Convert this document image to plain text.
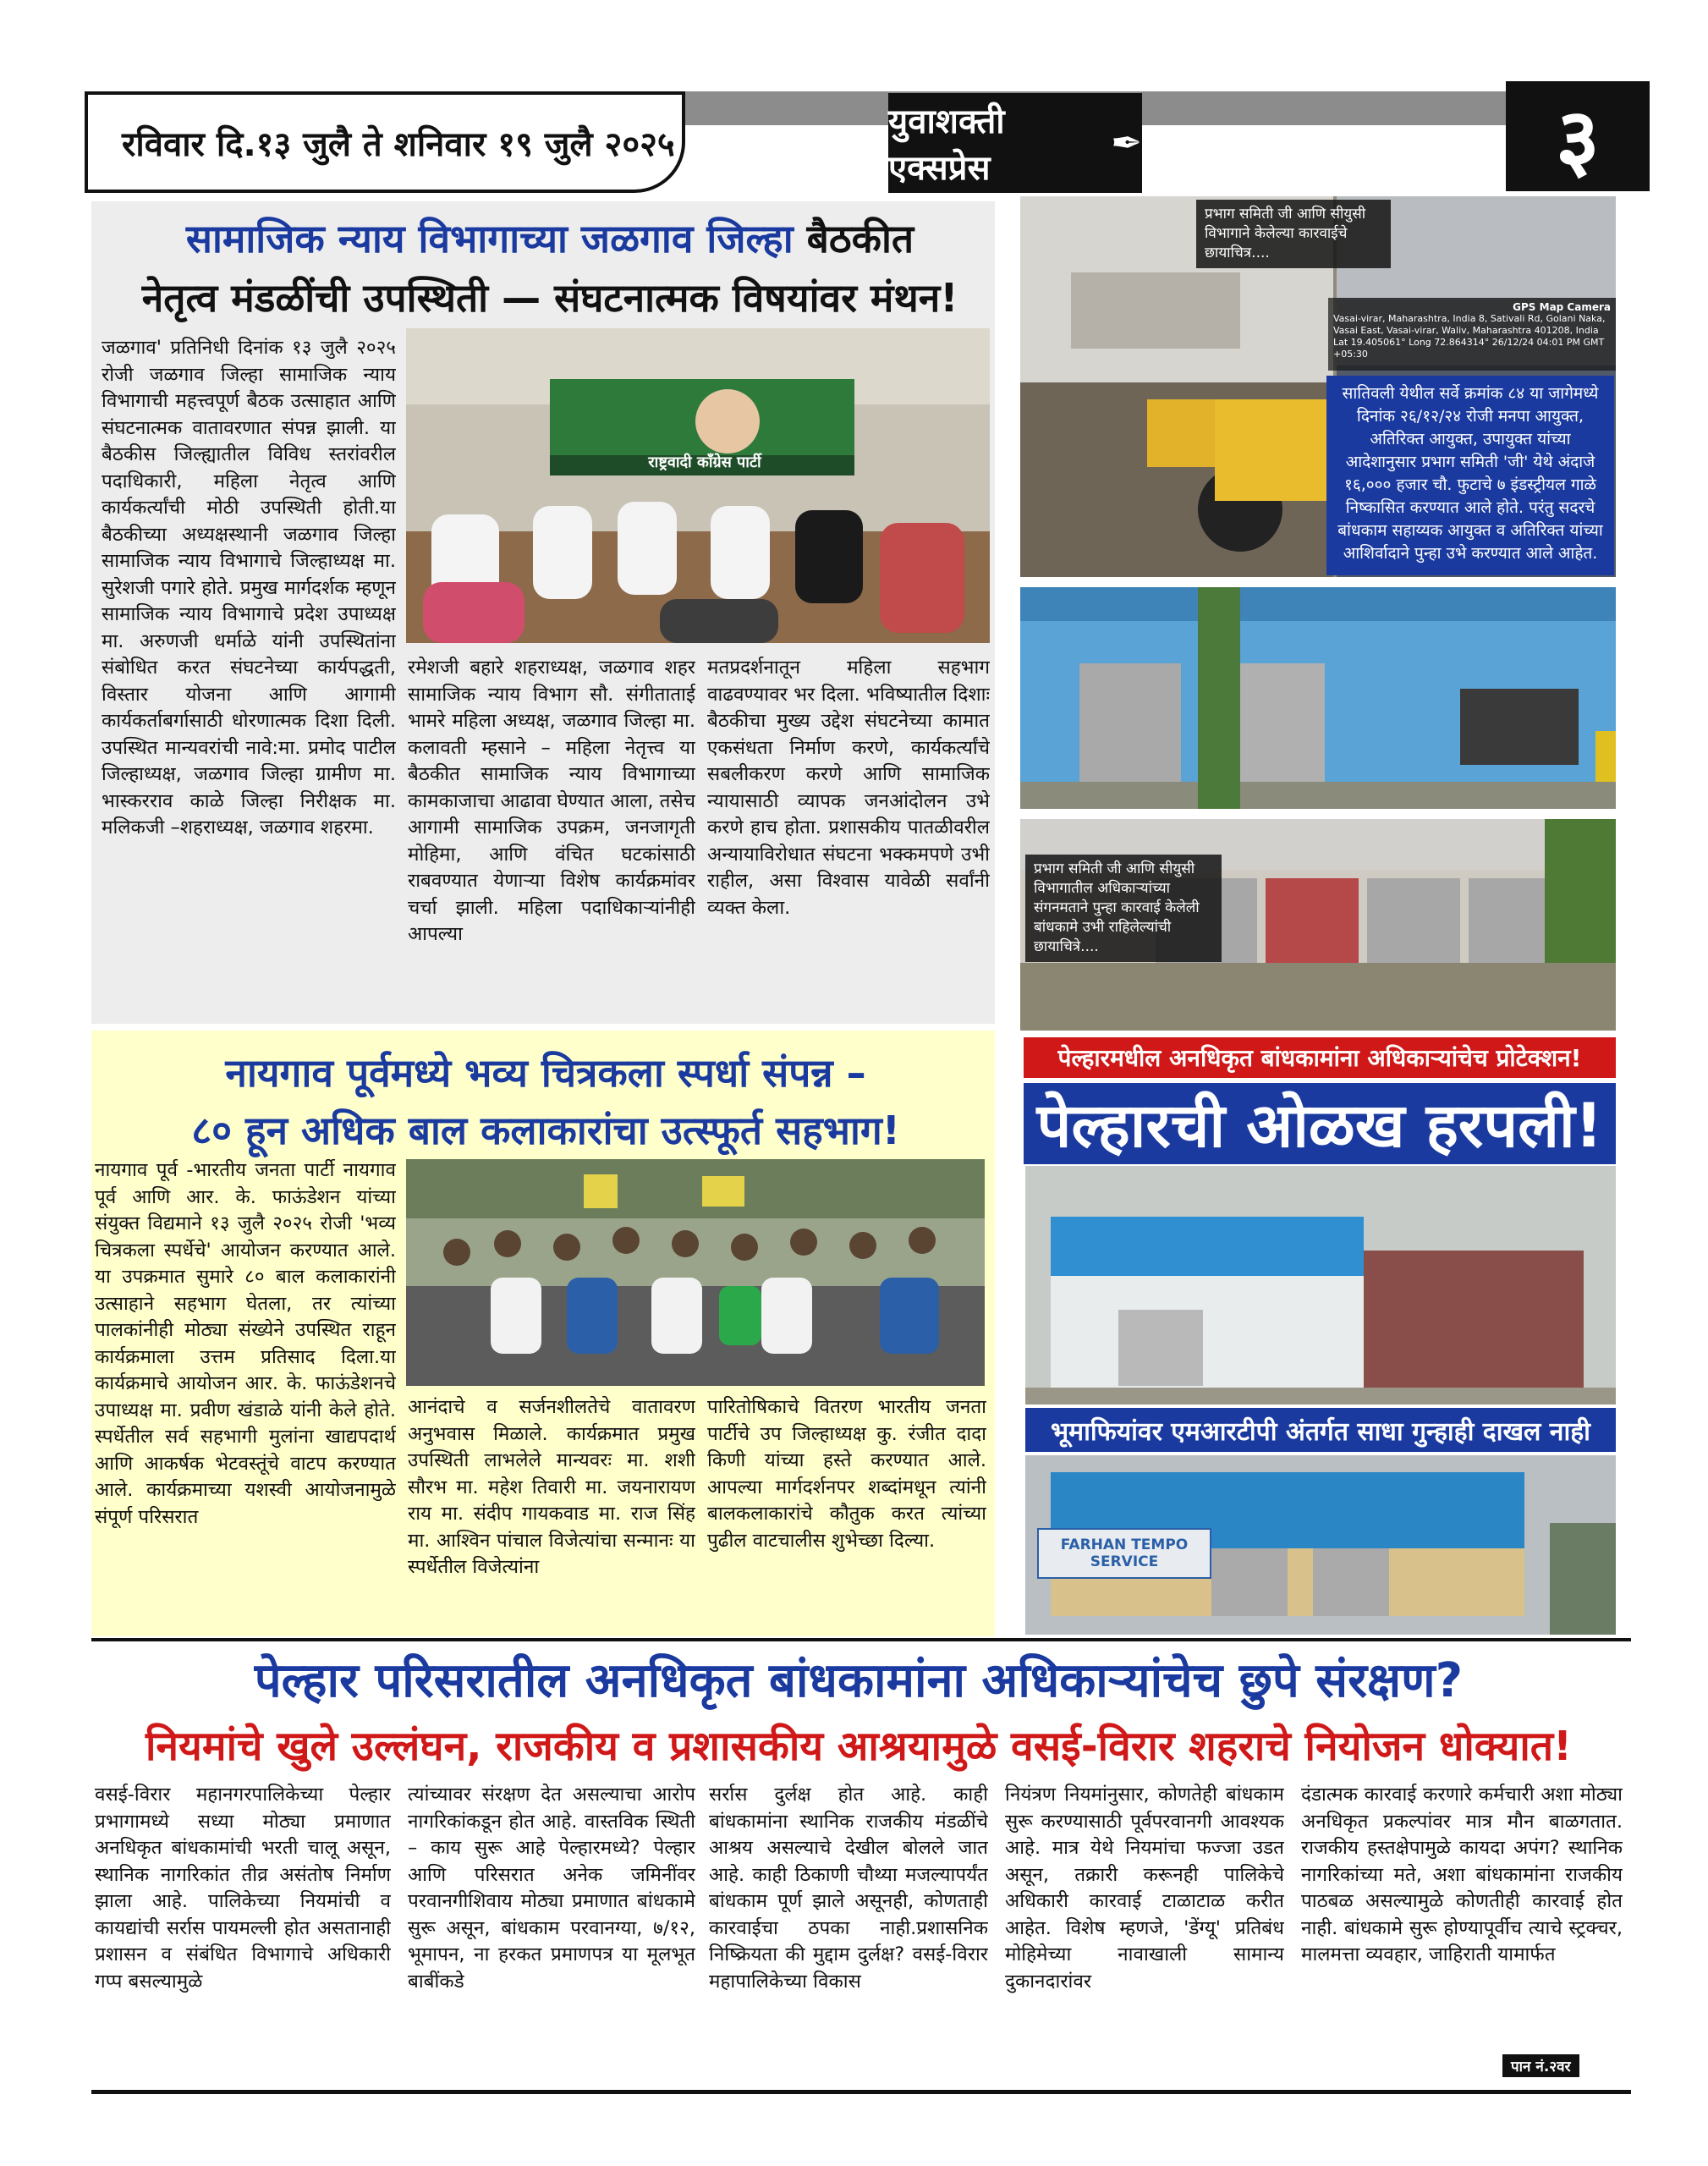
रविवार दि.१३ जुलै ते शनिवार १९ जुलै २०२५
युवाशक्ती एक्सप्रेस
✒	३
सामाजिक न्याय विभागाच्या जळगाव जिल्हा बैठकीत
नेतृत्व मंडळींची उपस्थिती — संघटनात्मक विषयांवर मंथन!
जळगाव' प्रतिनिधी दिनांक १३ जुलै २०२५ रोजी जळगाव जिल्हा सामाजिक न्याय विभागाची महत्त्वपूर्ण बैठक उत्साहात आणि संघटनात्मक वातावरणात संपन्न झाली. या बैठकीस जिल्ह्यातील विविध स्तरांवरील पदाधिकारी, महिला नेतृत्व आणि कार्यकर्त्यांची मोठी उपस्थिती होती.या बैठकीच्या अध्यक्षस्थानी जळगाव जिल्हा सामाजिक न्याय विभागाचे जिल्हाध्यक्ष मा. सुरेशजी पगारे होते. प्रमुख मार्गदर्शक म्हणून सामाजिक न्याय विभागाचे प्रदेश उपाध्यक्ष मा. अरुणजी धर्माळे यांनी उपस्थितांना संबोधित करत संघटनेच्या कार्यपद्धती, विस्तार योजना आणि आगामी कार्यकर्ताबर्गासाठी धोरणात्मक दिशा दिली. उपस्थित मान्यवरांची नावे:मा. प्रमोद पाटील जिल्हाध्यक्ष, जळगाव जिल्हा ग्रामीण मा. भास्करराव काळे जिल्हा निरीक्षक मा. मलिकजी –शहराध्यक्ष, जळगाव शहरमा.
राष्ट्रवादी काँग्रेस पार्टी
रमेशजी बहारे शहराध्यक्ष, जळगाव शहर सामाजिक न्याय विभाग सौ. संगीताताई भामरे महिला अध्यक्ष, जळगाव जिल्हा मा. कलावती म्हसाने – महिला नेतृत्त्व या बैठकीत सामाजिक न्याय विभागाच्या कामकाजाचा आढावा घेण्यात आला, तसेच आगामी सामाजिक उपक्रम, जनजागृती मोहिमा, आणि वंचित घटकांसाठी राबवण्यात येणाऱ्या विशेष कार्यक्रमांवर चर्चा झाली. महिला पदाधिकाऱ्यांनीही आपल्या
मतप्रदर्शनातून महिला सहभाग वाढवण्यावर भर दिला. भविष्यातील दिशाः बैठकीचा मुख्य उद्देश संघटनेच्या कामात एकसंधता निर्माण करणे, कार्यकर्त्यांचे सबलीकरण करणे आणि सामाजिक न्यायासाठी व्यापक जनआंदोलन उभे करणे हाच होता. प्रशासकीय पातळीवरील अन्यायाविरोधात संघटना भक्कमपणे उभी राहील, असा विश्वास यावेळी सर्वांनी व्यक्त केला.
नायगाव पूर्वमध्ये भव्य चित्रकला स्पर्धा संपन्न –
८० हून अधिक बाल कलाकारांचा उत्स्फूर्त सहभाग!
नायगाव पूर्व -भारतीय जनता पार्टी नायगाव पूर्व आणि आर. के. फाऊंडेशन यांच्या संयुक्त विद्यमाने १३ जुलै २०२५ रोजी 'भव्य चित्रकला स्पर्धेचे' आयोजन करण्यात आले. या उपक्रमात सुमारे ८० बाल कलाकारांनी उत्साहाने सहभाग घेतला, तर त्यांच्या पालकांनीही मोठ्या संख्येने उपस्थित राहून कार्यक्रमाला उत्तम प्रतिसाद दिला.या कार्यक्रमाचे आयोजन आर. के. फाऊंडेशनचे उपाध्यक्ष मा. प्रवीण खंडाळे यांनी केले होते. स्पर्धेतील सर्व सहभागी मुलांना खाद्यपदार्थ आणि आकर्षक भेटवस्तूंचे वाटप करण्यात आले. कार्यक्रमाच्या यशस्वी आयोजनामुळे संपूर्ण परिसरात
आनंदाचे व सर्जनशीलतेचे वातावरण अनुभवास मिळाले. कार्यक्रमात प्रमुख उपस्थिती लाभलेले मान्यवरः मा. शशी सौरभ मा. महेश तिवारी मा. जयनारायण राय मा. संदीप गायकवाड मा. राज सिंह मा. आश्विन पांचाल विजेत्यांचा सन्मानः या स्पर्धेतील विजेत्यांना
पारितोषिकाचे वितरण भारतीय जनता पार्टीचे उप जिल्हाध्यक्ष कु. रंजीत दादा किणी यांच्या हस्ते करण्यात आले. आपल्या मार्गदर्शनपर शब्दांमधून त्यांनी बालकलाकारांचे कौतुक करत त्यांच्या पुढील वाटचालीस शुभेच्छा दिल्या.
प्रभाग समिती जी आणि सीयुसी विभागाने केलेल्या कारवाईचे छायाचित्र....
GPS Map Camera
Vasai-virar, Maharashtra, India 8, Sativali Rd, Golani Naka, Vasai East, Vasai-virar, Waliv, Maharashtra 401208, India Lat 19.405061° Long 72.864314° 26/12/24 04:01 PM GMT +05:30
सातिवली येथील सर्वे क्रमांक ८४ या जागेमध्ये दिनांक २६/१२/२४ रोजी मनपा आयुक्त, अतिरिक्त आयुक्त, उपायुक्त यांच्या आदेशानुसार प्रभाग समिती 'जी' येथे अंदाजे १६,००० हजार चौ. फुटाचे ७ इंडस्ट्रीयल गाळे निष्कासित करण्यात आले होते. परंतु सदरचे बांधकाम सहाय्यक आयुक्त व अतिरिक्त यांच्या आशिर्वादाने पुन्हा उभे करण्यात आले आहेत.
प्रभाग समिती जी आणि सीयुसी विभागातील अधिकाऱ्यांच्या संगनमताने पुन्हा कारवाई केलेली बांधकामे उभी राहिलेल्यांची छायाचित्रे....
पेल्हारमधील अनधिकृत बांधकामांना अधिकाऱ्यांचेच प्रोटेक्शन!
पेल्हारची ओळख हरपली!
भूमाफियांवर एमआरटीपी अंतर्गत साधा गुन्हाही दाखल नाही
FARHAN TEMPO SERVICE
पेल्हार परिसरातील अनधिकृत बांधकामांना अधिकाऱ्यांचेच छुपे संरक्षण?
नियमांचे खुले उल्लंघन, राजकीय व प्रशासकीय आश्रयामुळे वसई-विरार शहराचे नियोजन धोक्यात!
वसई-विरार महानगरपालिकेच्या पेल्हार प्रभागामध्ये सध्या मोठ्या प्रमाणात अनधिकृत बांधकामांची भरती चालू असून, स्थानिक नागरिकांत तीव्र असंतोष निर्माण झाला आहे. पालिकेच्या नियमांची व कायद्यांची सर्रास पायमल्ली होत असतानाही प्रशासन व संबंधित विभागाचे अधिकारी गप्प बसल्यामुळे
त्यांच्यावर संरक्षण देत असल्याचा आरोप नागरिकांकडून होत आहे. वास्तविक स्थिती – काय सुरू आहे पेल्हारमध्ये? पेल्हार आणि परिसरात अनेक जमिनींवर परवानगीशिवाय मोठ्या प्रमाणात बांधकामे सुरू असून, बांधकाम परवानग्या, ७/१२, भूमापन, ना हरकत प्रमाणपत्र या मूलभूत बाबींकडे
सर्रास दुर्लक्ष होत आहे. काही बांधकामांना स्थानिक राजकीय मंडळींचे आश्रय असल्याचे देखील बोलले जात आहे. काही ठिकाणी चौथ्या मजल्यापर्यंत बांधकाम पूर्ण झाले असूनही, कोणताही कारवाईचा ठपका नाही.प्रशासनिक निष्क्रियता की मुद्दाम दुर्लक्ष? वसई-विरार महापालिकेच्या विकास
नियंत्रण नियमांनुसार, कोणतेही बांधकाम सुरू करण्यासाठी पूर्वपरवानगी आवश्यक आहे. मात्र येथे नियमांचा फज्जा उडत असून, तक्रारी करूनही पालिकेचे अधिकारी कारवाई टाळाटाळ करीत आहेत. विशेष म्हणजे, 'डेंग्यू' प्रतिबंध मोहिमेच्या नावाखाली सामान्य दुकानदारांवर
दंडात्मक कारवाई करणारे कर्मचारी अशा मोठ्या अनधिकृत प्रकल्पांवर मात्र मौन बाळगतात. राजकीय हस्तक्षेपामुळे कायदा अपंग? स्थानिक नागरिकांच्या मते, अशा बांधकामांना राजकीय पाठबळ असल्यामुळे कोणतीही कारवाई होत नाही. बांधकामे सुरू होण्यापूर्वीच त्याचे स्ट्रक्चर, मालमत्ता व्यवहार, जाहिराती यामार्फत
पान नं.२वर
